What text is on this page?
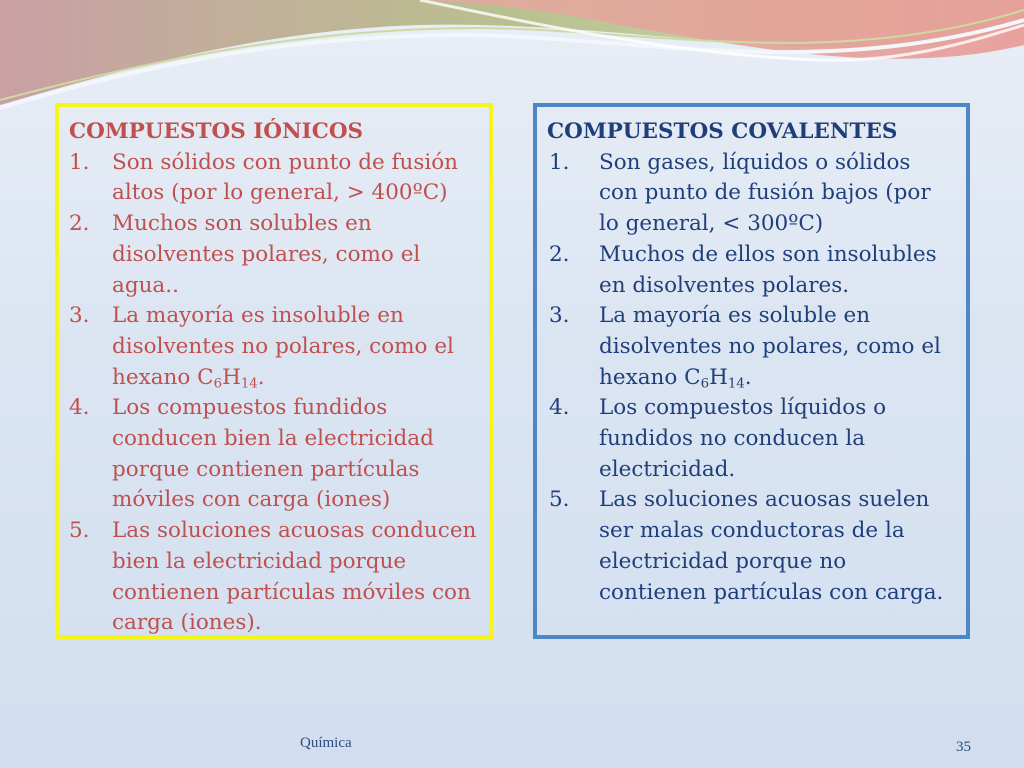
COMPUESTOS IÓNICOS
1. Son sólidos con punto de fusión altos (por lo general, > 400ºC)
2. Muchos son solubles en disolventes polares, como el agua..
3. La mayoría es insoluble en disolventes no polares, como el hexano $C_6H_{14}$.
4. Los compuestos fundidos conducen bien la electricidad porque contienen partículas móviles con carga (iones)
5. Las soluciones acuosas conducen bien la electricidad porque contienen partículas móviles con carga (iones).
COMPUESTOS COVALENTES
1. Son gases, líquidos o sólidos con punto de fusión bajos (por lo general, < 300ºC)
2. Muchos de ellos son insolubles en disolventes polares.
3. La mayoría es soluble en disolventes no polares, como el hexano $C_6H_{14}$.
4. Los compuestos líquidos o fundidos no conducen la electricidad.
5. Las soluciones acuosas suelen ser malas conductoras de la electricidad porque no contienen partículas con carga.
Química	35
